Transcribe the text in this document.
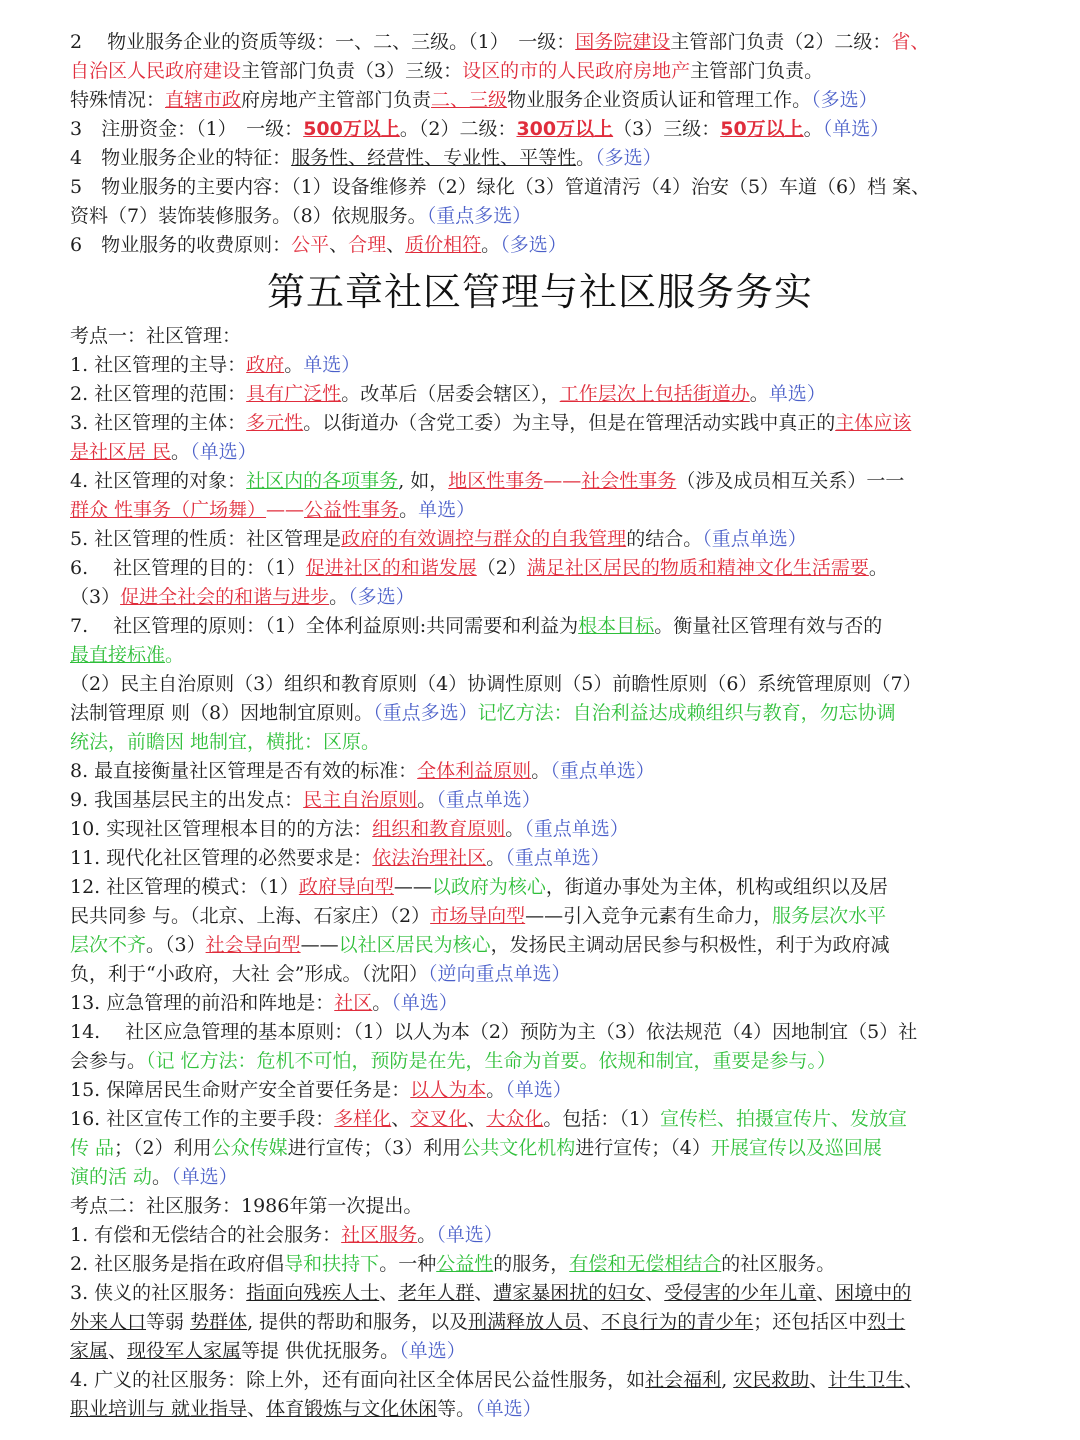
2　 物业服务企业的资质等级：一、二、三级。（1）　一级：国务院建设主管部门负责（2）二级：省、
自治区人民政府建设主管部门负责（3）三级：设区的市的人民政府房地产主管部门负责。
特殊情况：直辖市政府房地产主管部门负责二、三级物业服务企业资质认证和管理工作。（多选）
3　注册资金：（1）　一级：500万以上。（2）二级：300万以上（3）三级：50万以上。（单选）
4　物业服务企业的特征：服务性、经营性、专业性、平等性。（多选）
5　物业服务的主要内容：（1）设备维修养（2）绿化（3）管道清污（4）治安（5）车道（6）档 案、
资料（7）装饰装修服务。（8）依规服务。（重点多选）
6　物业服务的收费原则：公平、合理、质价相符。（多选）
第五章社区管理与社区服务务实
考点一：社区管理：
1. 社区管理的主导：政府。单选）
2. 社区管理的范围：具有广泛性。改革后（居委会辖区），工作层次上包括街道办。单选）
3. 社区管理的主体：多元性。以街道办（含党工委）为主导，但是在管理活动实践中真正的主体应该
是社区居 民。（单选）
4. 社区管理的对象：社区内的各项事务, 如，地区性事务——社会性事务（涉及成员相互关系）一一
群众 性事务（广场舞）——公益性事务。单选）
5. 社区管理的性质：社区管理是政府的有效调控与群众的自我管理的结合。（重点单选）
6.　 社区管理的目的：（1）促进社区的和谐发展（2）满足社区居民的物质和精神文化生活需要。
（3）促进全社会的和谐与进步。（多选）
7.　 社区管理的原则：（1）全体利益原则:共同需要和利益为根本目标。衡量社区管理有效与否的
最直接标准。
（2）民主自治原则（3）组织和教育原则（4）协调性原则（5）前瞻性原则（6）系统管理原则（7）
法制管理原 则（8）因地制宜原则。（重点多选）记忆方法：自治利益达成赖组织与教育，勿忘协调
统法，前瞻因 地制宜，横批：区原。
8. 最直接衡量社区管理是否有效的标准：全体利益原则。（重点单选）
9. 我国基层民主的出发点：民主自治原则。（重点单选）
10. 实现社区管理根本目的的方法：组织和教育原则。（重点单选）
11. 现代化社区管理的必然要求是：依法治理社区。（重点单选）
12. 社区管理的模式：（1）政府导向型——以政府为核心，街道办事处为主体，机构或组织以及居
民共同参 与。（北京、上海、石家庄）（2）市场导向型——引入竞争元素有生命力，服务层次水平
层次不齐。（3）社会导向型——以社区居民为核心，发扬民主调动居民参与积极性，利于为政府减
负，利于“小政府，大社 会”形成。（沈阳）（逆向重点单选）
13. 应急管理的前沿和阵地是：社区。（单选）
14.　 社区应急管理的基本原则：（1）以人为本（2）预防为主（3）依法规范（4）因地制宜（5）社
会参与。（记 忆方法：危机不可怕，预防是在先，生命为首要。依规和制宜，重要是参与。）
15. 保障居民生命财产安全首要任务是：以人为本。（单选）
16. 社区宣传工作的主要手段：多样化、交叉化、大众化。包括：（1）宣传栏、拍摄宣传片、发放宣
传 品；（2）利用公众传媒进行宣传；（3）利用公共文化机构进行宣传；（4）开展宣传以及巡回展
演的活 动。（单选）
考点二：社区服务：1986年第一次提出。
1. 有偿和无偿结合的社会服务：社区服务。（单选）
2. 社区服务是指在政府倡导和扶持下。一种公益性的服务，有偿和无偿相结合的社区服务。
3. 侠义的社区服务：指面向残疾人士、老年人群、遭家暴困扰的妇女、受侵害的少年儿童、困境中的
外来人口等弱 势群体, 提供的帮助和服务，以及刑满释放人员、不良行为的青少年；还包括区中烈士
家属、现役军人家属等提 供优抚服务。（单选）
4. 广义的社区服务：除上外，还有面向社区全体居民公益性服务，如社会福利, 灾民救助、计生卫生、
职业培训与 就业指导、体育锻炼与文化休闲等。（单选）
